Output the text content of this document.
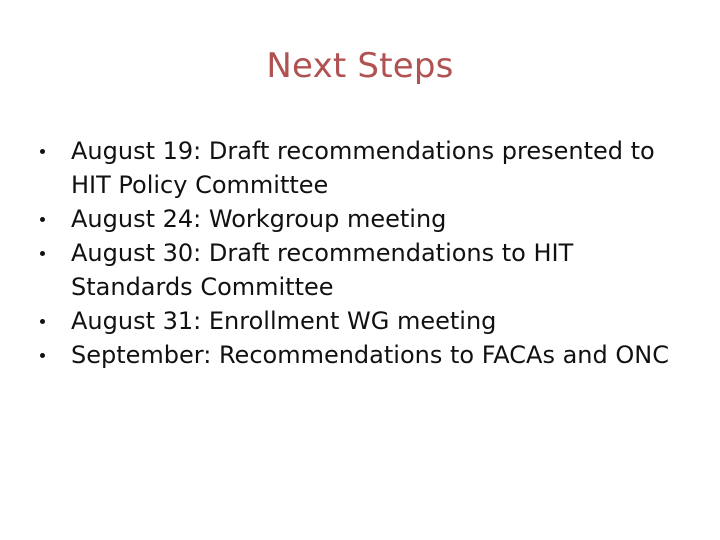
Next Steps
August 19: Draft recommendations presented to HIT Policy Committee
August 24: Workgroup meeting
August 30: Draft recommendations to HIT Standards Committee
August 31: Enrollment WG meeting
September: Recommendations to FACAs and ONC
